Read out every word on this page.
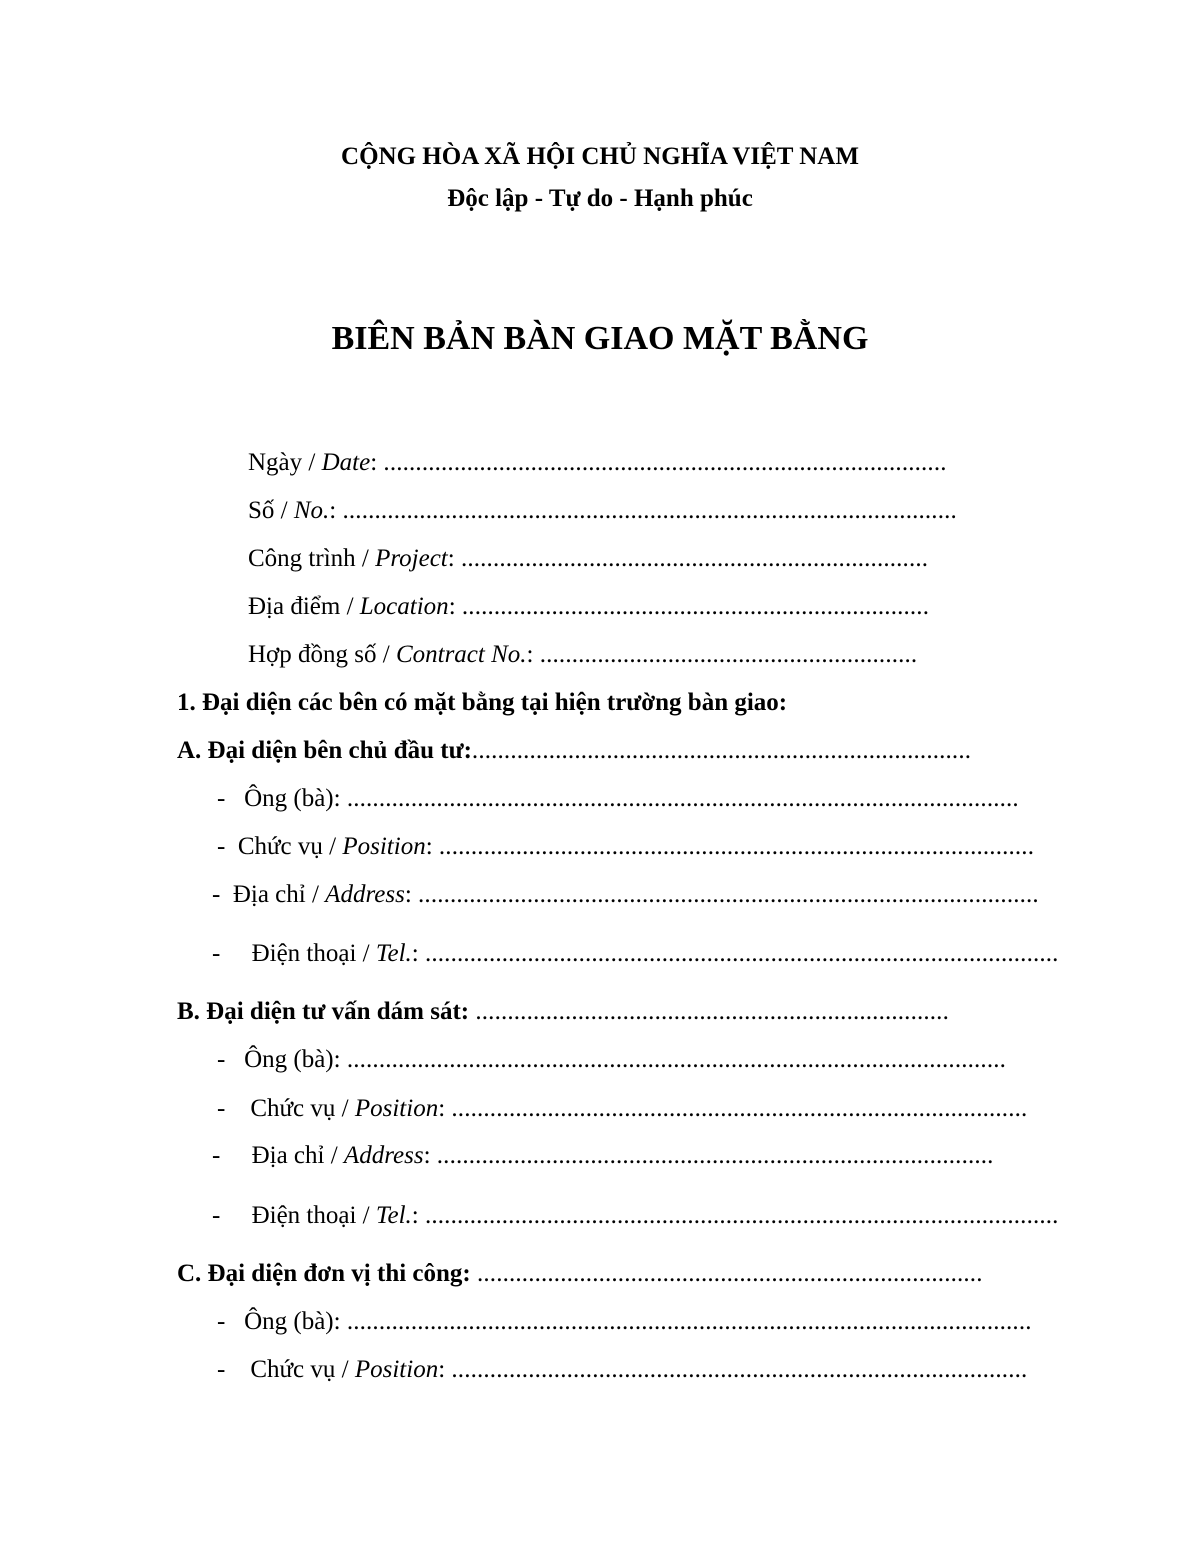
CỘNG HÒA XÃ HỘI CHỦ NGHĨA VIỆT NAM
Độc lập - Tự do - Hạnh phúc
BIÊN BẢN BÀN GIAO MẶT BẰNG
Ngày / Date: ........................................................................................
Số / No.: ................................................................................................
Công trình / Project: .........................................................................
Địa điểm / Location: .........................................................................
Hợp đồng số / Contract No.: ...........................................................
1. Đại diện các bên có mặt bằng tại hiện trường bàn giao:
A. Đại diện bên chủ đầu tư:..............................................................................
- Ông (bà): .........................................................................................................
- Chức vụ / Position: .............................................................................................
- Địa chỉ / Address: .................................................................................................
- Điện thoại / Tel.: ...................................................................................................
B. Đại diện tư vấn dám sát: ..........................................................................
- Ông (bà): .......................................................................................................
- Chức vụ / Position: ..........................................................................................
- Địa chỉ / Address: .......................................................................................
- Điện thoại / Tel.: ...................................................................................................
C. Đại diện đơn vị thi công: ...............................................................................
- Ông (bà): ...........................................................................................................
- Chức vụ / Position: ..........................................................................................
